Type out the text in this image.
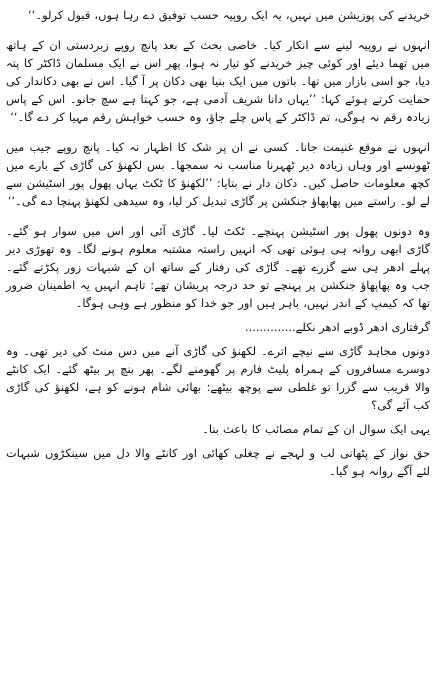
خریدنے کی پوزیشن میں نہیں، یہ ایک روپیہ حسب توفیق دے رہا ہوں، قبول کرلو۔‘‘

انہوں نے روپیہ لینے سے انکار کیا۔ خاصی بحث کے بعد پانچ روپے زبردستی ان کے ہاتھ میں تھما دیئے اور کوئی چیز خریدنے کو تیار نہ ہوا، پھر اس نے ایک مسلمان ڈاکٹر کا پتہ دیا، جو اسی بازار میں تھا۔ باتوں میں ایک بنیا بھی دکان پر آ گیا۔ اس نے بھی دکاندار کی حمایت کرتے ہوئے کہا: ’’یہاں دانا شریف آدمی ہے، جو کہتا ہے سچ جانو۔ اس کے پاس زیادہ رقم نہ ہوگی، تم ڈاکٹر کے پاس چلے جاؤ، وہ حسب خواہش رقم مہیا کر دے گا۔‘‘

انہوں نے موقع غنیمت جانا۔ کسی نے ان پر شک کا اظہار نہ کیا۔ پانچ روپے جیب میں ٹھونسے اور وہاں زیادہ دیر ٹھہرنا مناسب نہ سمجھا۔ بس لکھنؤ کی گاڑی کے بارے میں کچھ معلومات حاصل کیں۔ دکان دار نے بتایا: ’’لکھنؤ کا ٹکٹ یہاں پھول پور اسٹیشن سے لے لو۔ راستے میں پھاپھاؤ جنکشن پر گاڑی تبدیل کر لیا، وہ سیدھی لکھنؤ پہنچا دے گی۔‘‘

وہ دونوں پھول پور اسٹیشن پہنچے۔ ٹکٹ لیا۔ گاڑی آئی اور اس میں سوار ہو گئے۔ گاڑی ابھی روانہ ہی ہوئی تھی کہ انہیں راستہ مشتبہ معلوم ہونے لگا۔ وہ تھوڑی دیر پہلے ادھر ہی سے گزرے تھے۔ گاڑی کی رفتار کے ساتھ ان کے شبہات زور پکڑتے گئے۔ جب وہ پھاپھاؤ جنکشن پر پہنچے تو حد درجہ پریشان تھے: تاہم انہیں یہ اطمینان ضرور تھا کہ کیمپ کے اندر نہیں، باہر ہیں اور جو خدا کو منظور ہے وہی ہوگا۔

گرفتاری ادھر ڈوبے ادھر نکلے..............

دونوں مجاہد گاڑی سے نیچے اترے۔ لکھنؤ کی گاڑی آنے میں دس منٹ کی دیر تھی۔ وہ دوسرے مسافروں کے ہمراہ پلیٹ فارم پر گھومنے لگے۔ پھر بنچ پر بیٹھ گئے۔ ایک کانٹے والا قریب سے گزرا تو غلطی سے پوچھ بیٹھے: بھائی شام ہونے کو ہے، لکھنؤ کی گاڑی کب آئے گی؟

یہی ایک سوال ان کے تمام مصائب کا باعث بنا۔

حق نواز کے پٹھانی لب و لہجے نے چغلی کھائی اور کانٹے والا دل میں سینکڑوں شبہات لئے آگے روانہ ہو گیا۔
